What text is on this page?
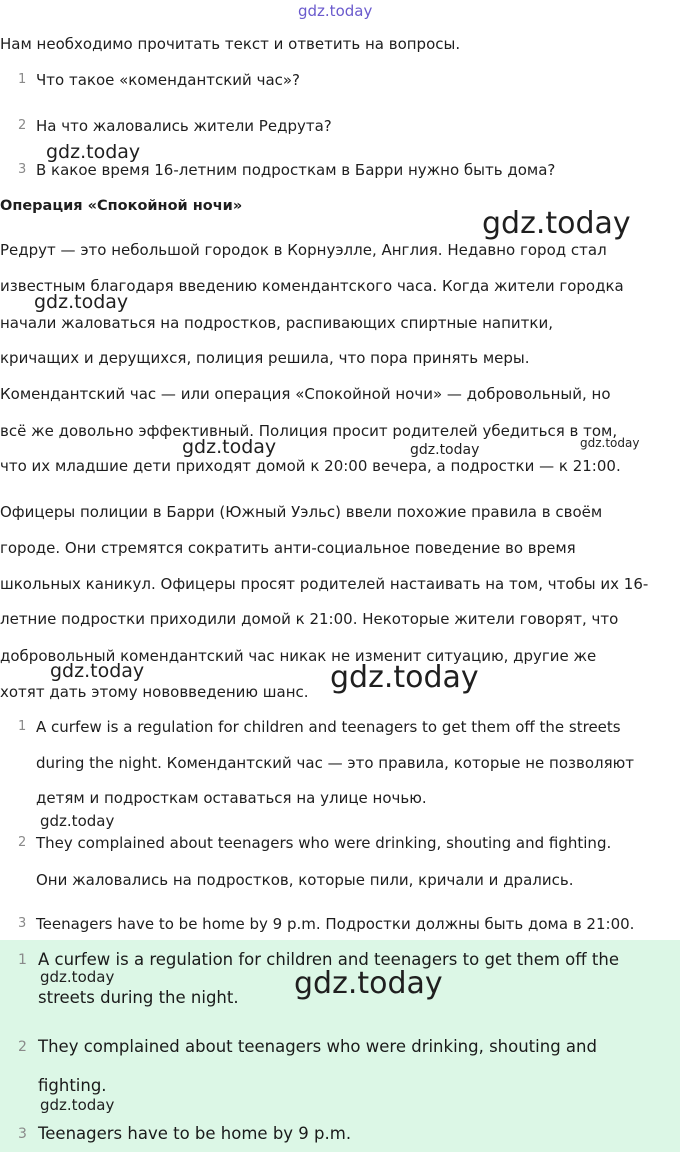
gdz.today
Нам необходимо прочитать текст и ответить на вопросы.
1 Что такое «комендантский час»?
2 На что жаловались жители Редрута?
3 В какое время 16-летним подросткам в Барри нужно быть дома?
Операция «Спокойной ночи»
Редрут — это небольшой городок в Корнуэлле, Англия. Недавно город стал
известным благодаря введению комендантского часа. Когда жители городка
начали жаловаться на подростков, распивающих спиртные напитки,
кричащих и дерущихся, полиция решила, что пора принять меры.
Комендантский час — или операция «Спокойной ночи» — добровольный, но
всё же довольно эффективный. Полиция просит родителей убедиться в том,
что их младшие дети приходят домой к 20:00 вечера, а подростки — к 21:00.
Офицеры полиции в Барри (Южный Уэльс) ввели похожие правила в своём
городе. Они стремятся сократить анти-социальное поведение во время
школьных каникул. Офицеры просят родителей настаивать на том, чтобы их 16-
летние подростки приходили домой к 21:00. Некоторые жители говорят, что
добровольный комендантский час никак не изменит ситуацию, другие же
хотят дать этому нововведению шанс.
1 A curfew is a regulation for children and teenagers to get them off the streets
during the night. Комендантский час — это правила, которые не позволяют
детям и подросткам оставаться на улице ночью.
2 They complained about teenagers who were drinking, shouting and fighting.
Они жаловались на подростков, которые пили, кричали и дрались.
3 Teenagers have to be home by 9 p.m. Подростки должны быть дома в 21:00.
1 A curfew is a regulation for children and teenagers to get them off the
streets during the night.
2 They complained about teenagers who were drinking, shouting and
fighting.
3 Teenagers have to be home by 9 p.m.
gdz.today
gdz.today
gdz.today
gdz.today	gdz.today	gdz.today
gdz.today	gdz.today
gdz.today
gdz.today	gdz.today
gdz.today
